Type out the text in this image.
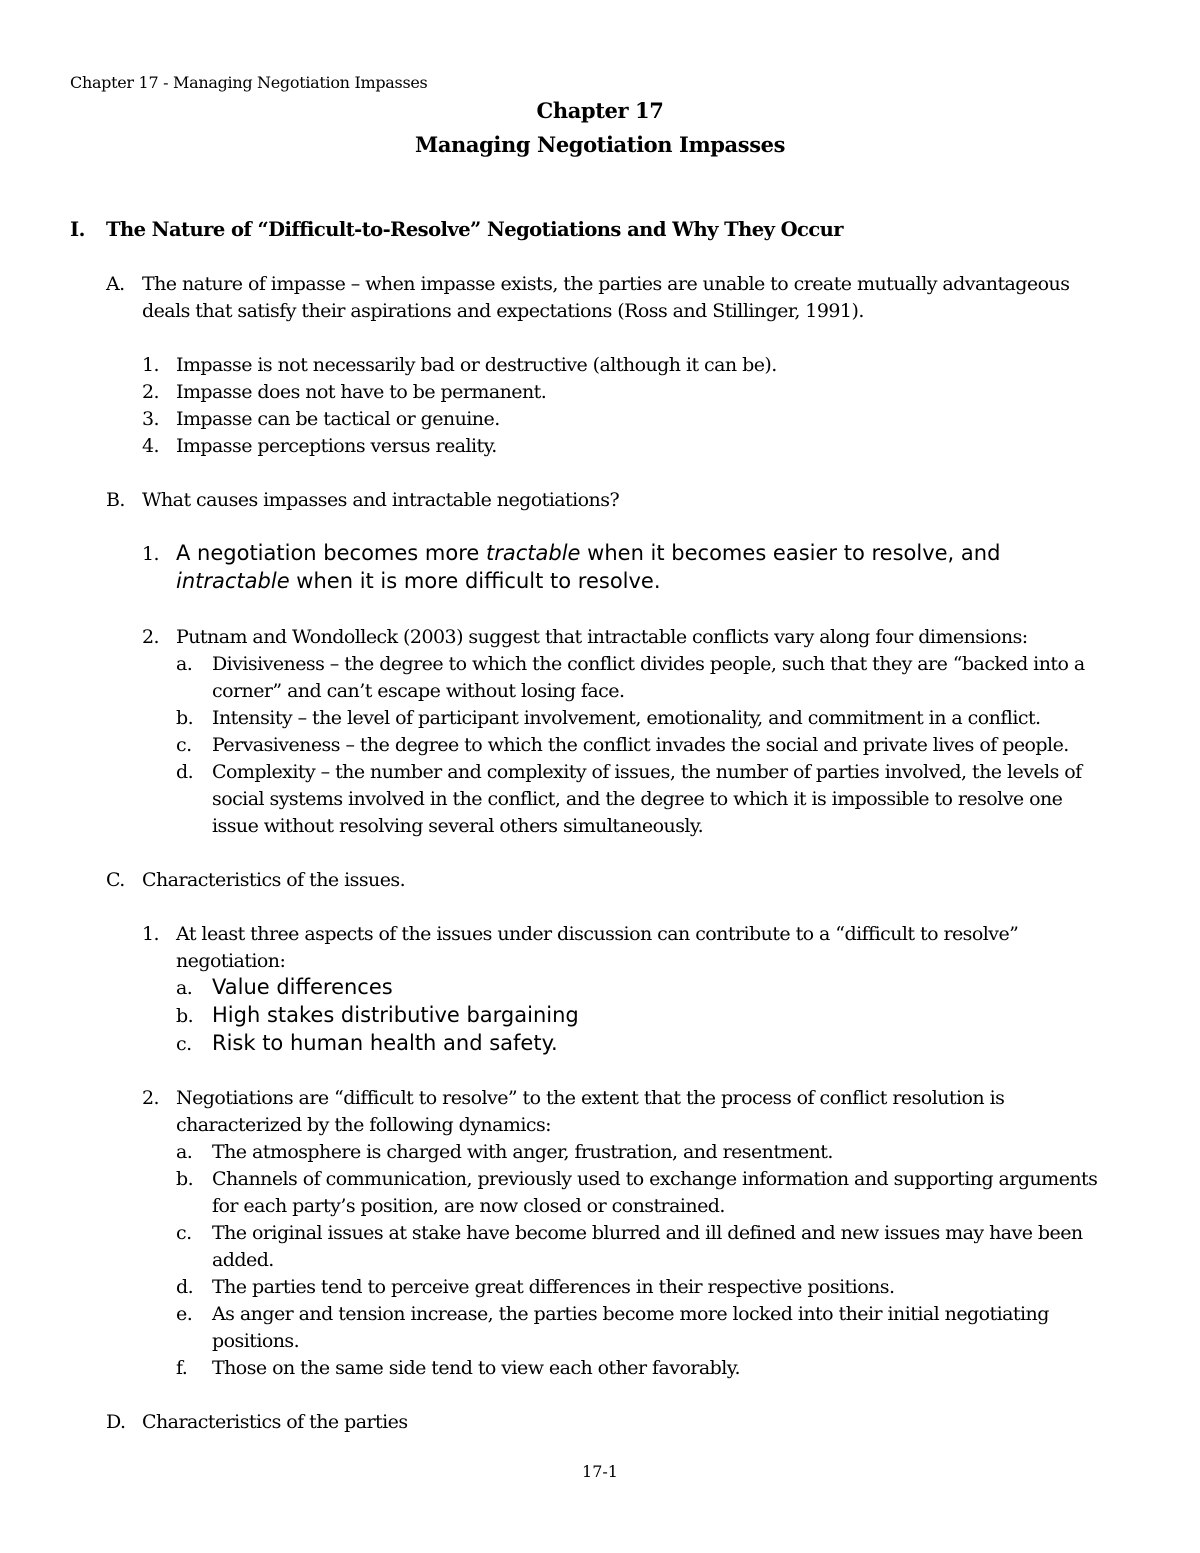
Chapter 17 - Managing Negotiation Impasses
Chapter 17
Managing Negotiation Impasses
I. The Nature of “Difficult-to-Resolve” Negotiations and Why They Occur
A. The nature of impasse – when impasse exists, the parties are unable to create mutually advantageous
deals that satisfy their aspirations and expectations (Ross and Stillinger, 1991).
1. Impasse is not necessarily bad or destructive (although it can be).
2. Impasse does not have to be permanent.
3. Impasse can be tactical or genuine.
4. Impasse perceptions versus reality.
B. What causes impasses and intractable negotiations?
1. A negotiation becomes more tractable when it becomes easier to resolve, and
intractable when it is more difficult to resolve.
2. Putnam and Wondolleck (2003) suggest that intractable conflicts vary along four dimensions:
a. Divisiveness – the degree to which the conflict divides people, such that they are “backed into a
corner” and can’t escape without losing face.
b. Intensity – the level of participant involvement, emotionality, and commitment in a conflict.
c. Pervasiveness – the degree to which the conflict invades the social and private lives of people.
d. Complexity – the number and complexity of issues, the number of parties involved, the levels of
social systems involved in the conflict, and the degree to which it is impossible to resolve one
issue without resolving several others simultaneously.
C. Characteristics of the issues.
1. At least three aspects of the issues under discussion can contribute to a “difficult to resolve”
negotiation:
a. Value differences
b. High stakes distributive bargaining
c. Risk to human health and safety.
2. Negotiations are “difficult to resolve” to the extent that the process of conflict resolution is
characterized by the following dynamics:
a. The atmosphere is charged with anger, frustration, and resentment.
b. Channels of communication, previously used to exchange information and supporting arguments
for each party’s position, are now closed or constrained.
c. The original issues at stake have become blurred and ill defined and new issues may have been
added.
d. The parties tend to perceive great differences in their respective positions.
e. As anger and tension increase, the parties become more locked into their initial negotiating
positions.
f. Those on the same side tend to view each other favorably.
D. Characteristics of the parties
17-1
